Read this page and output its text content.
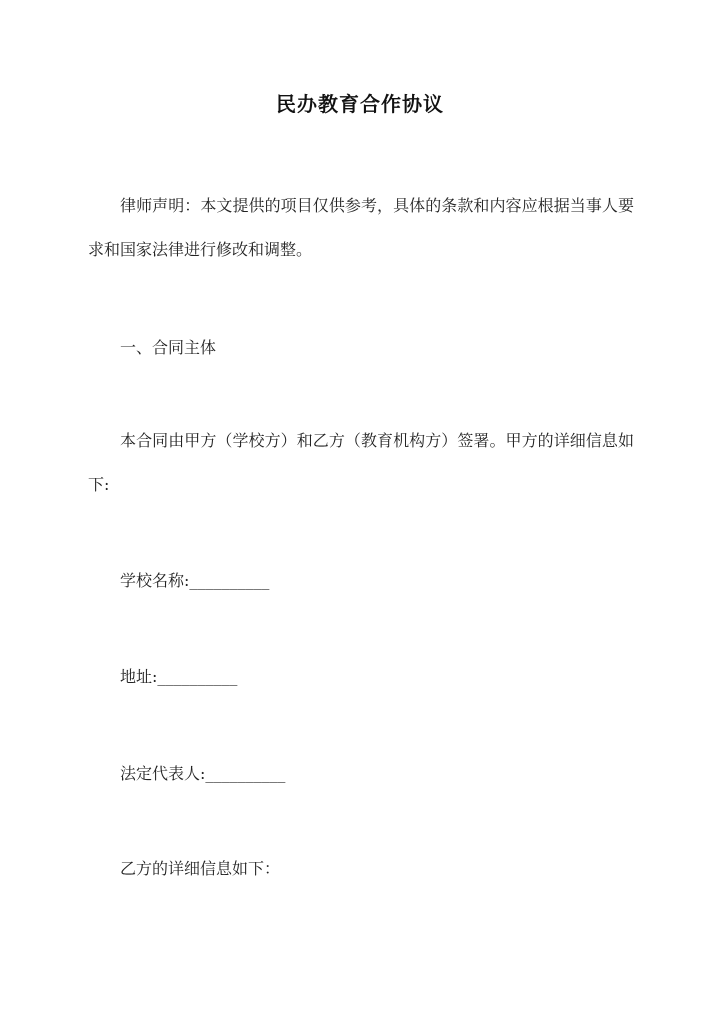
民办教育合作协议
律师声明：本文提供的项目仅供参考，具体的条款和内容应根据当事人要求和国家法律进行修改和调整。
一、合同主体
本合同由甲方（学校方）和乙方（教育机构方）签署。甲方的详细信息如下:
学校名称:__________
地址:__________
法定代表人:__________
乙方的详细信息如下：
